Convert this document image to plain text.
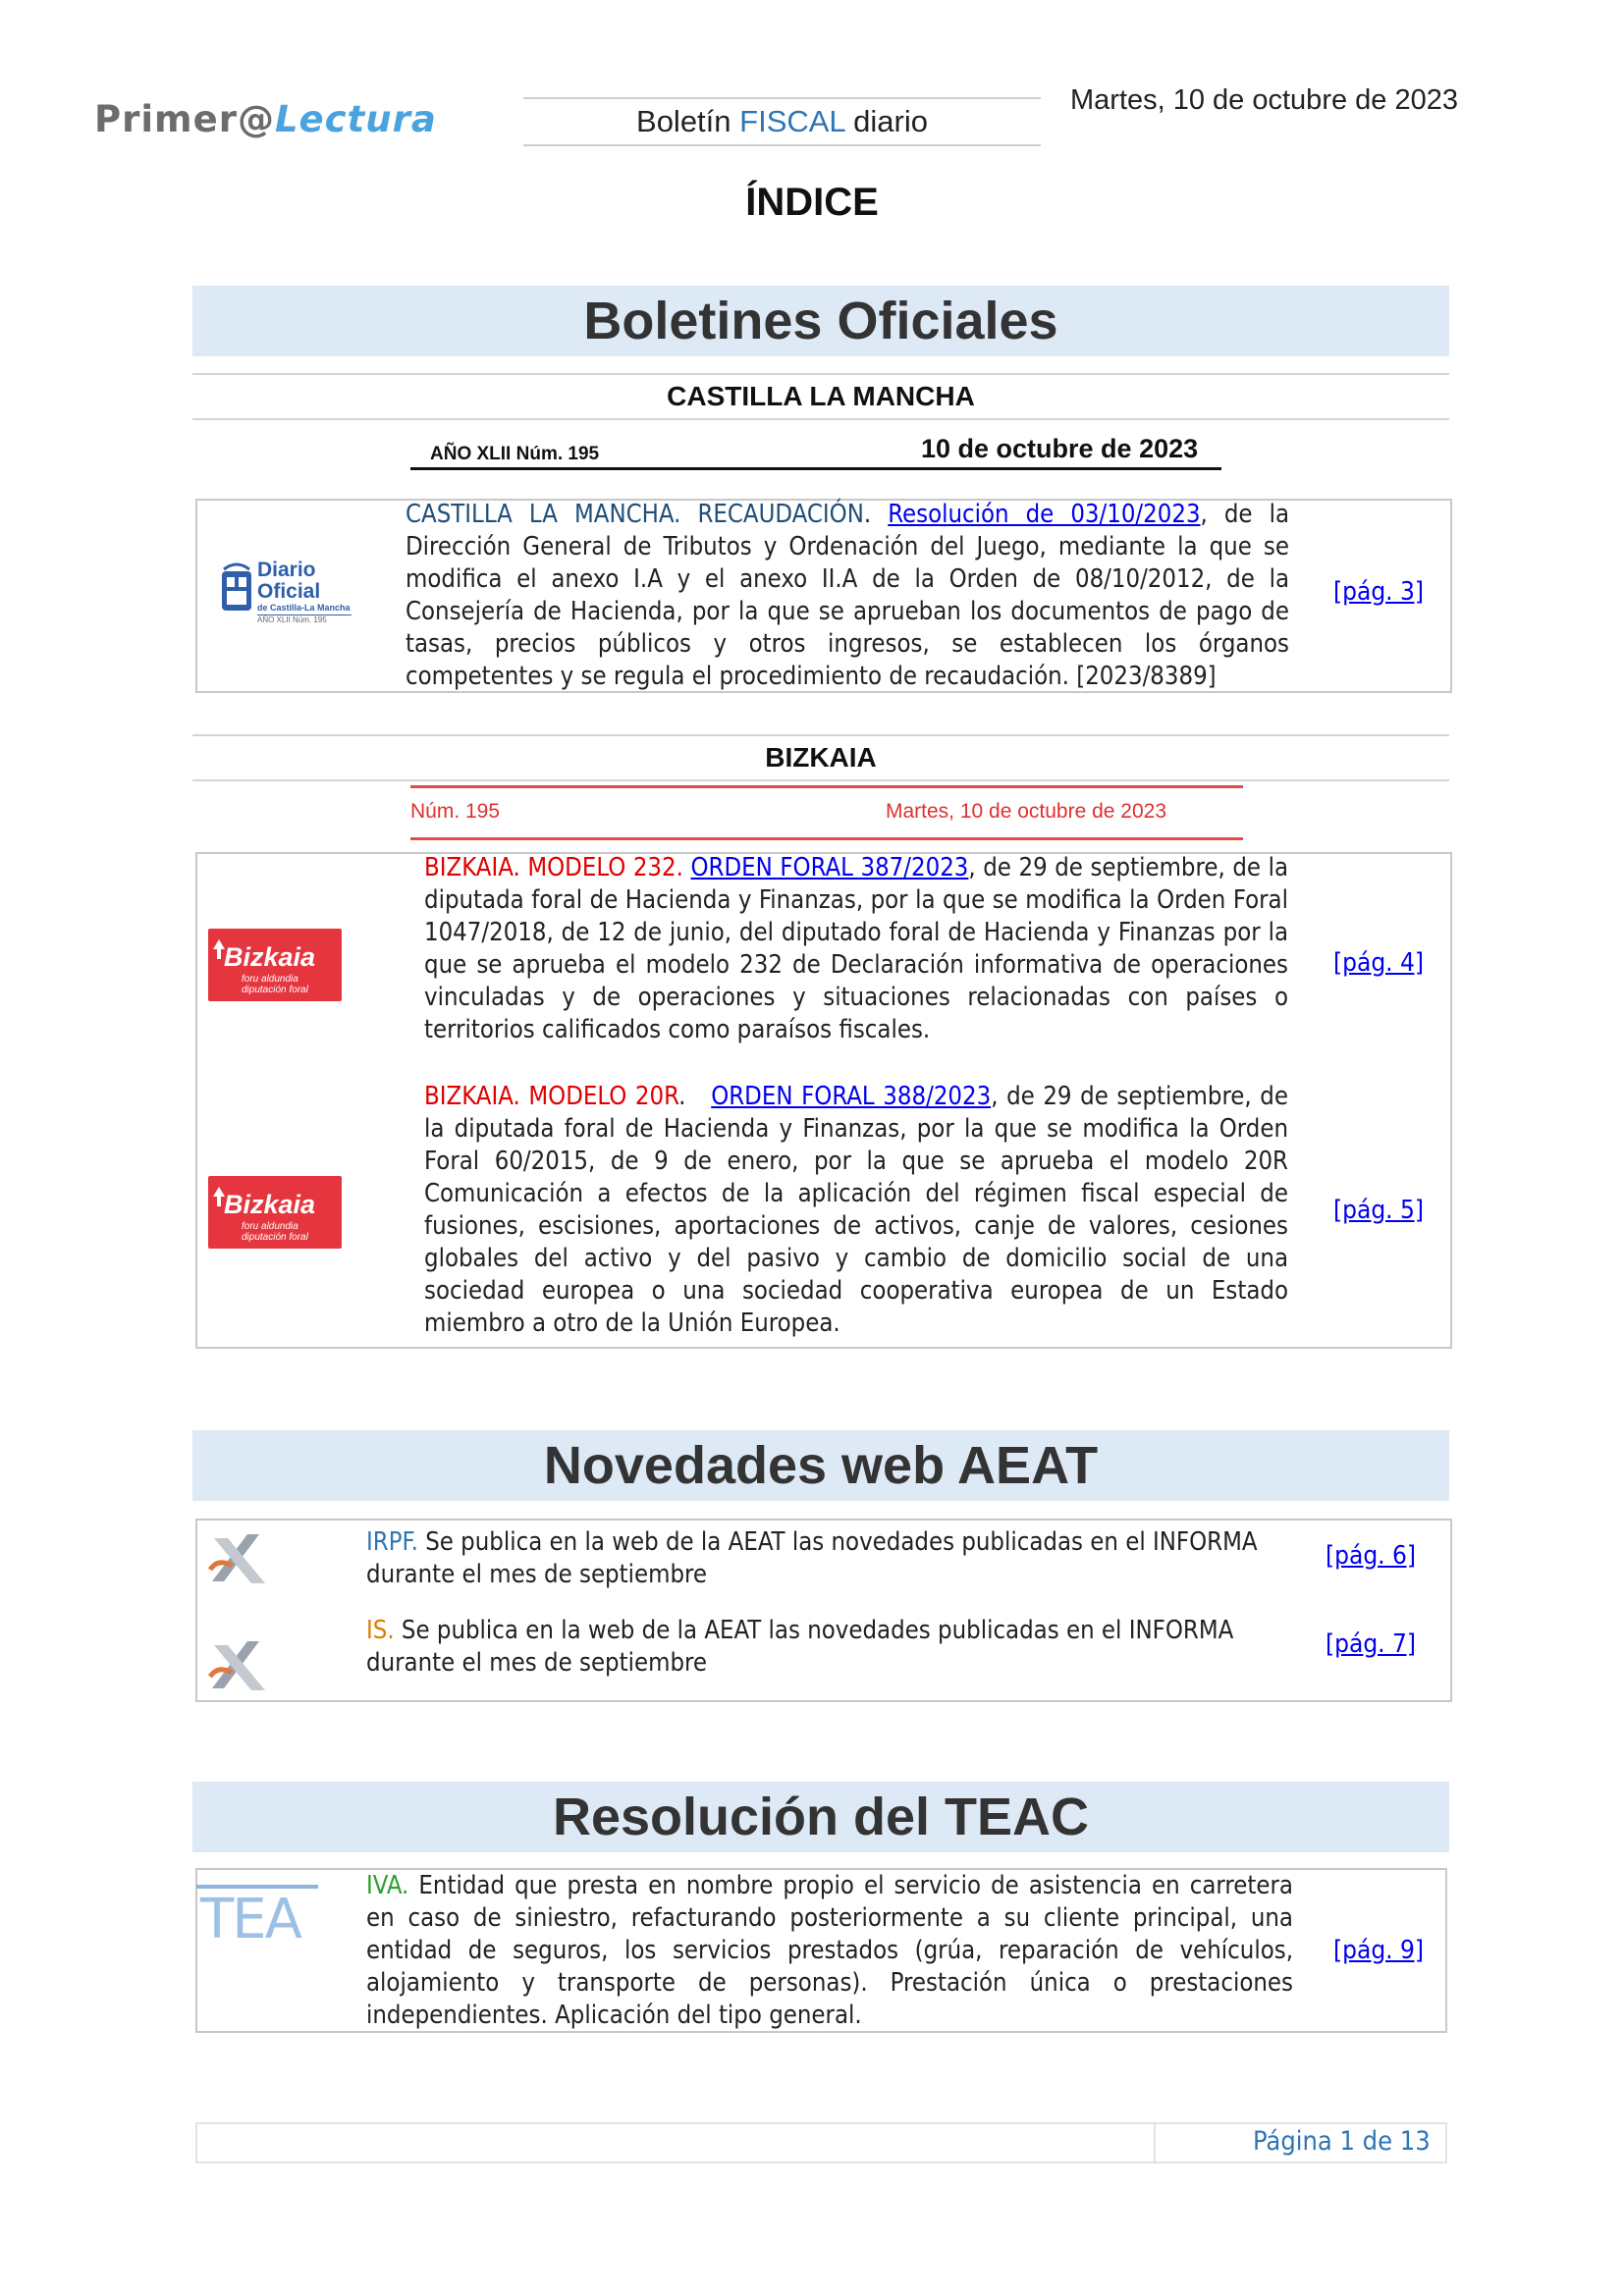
Primer@Lectura	Boletín FISCAL diario
Martes, 10 de octubre de 2023
ÍNDICE
Boletines Oficiales
CASTILLA LA MANCHA
AÑO XLII Núm. 195	10 de octubre de 2023
Diario Oficial
de Castilla-La Mancha
AÑO XLII Núm. 195
CASTILLA LA MANCHA. RECAUDACIÓN. Resolución de 03/10/2023, de la Dirección General de Tributos y Ordenación del Juego, mediante la que se modifica el anexo I.A y el anexo II.A de la Orden de 08/10/2012, de la Consejería de Hacienda, por la que se aprueban los documentos de pago de tasas, precios públicos y otros ingresos, se establecen los órganos competentes y se regula el procedimiento de recaudación. [2023/8389]
[pág. 3]
BIZKAIA
Núm. 195	Martes, 10 de octubre de 2023
Bizkaia
foru aldundia
diputación foral
BIZKAIA. MODELO 232. ORDEN FORAL 387/2023, de 29 de septiembre, de la diputada foral de Hacienda y Finanzas, por la que se modifica la Orden Foral 1047/2018, de 12 de junio, del diputado foral de Hacienda y Finanzas por la que se aprueba el modelo 232 de Declaración informativa de operaciones vinculadas y de operaciones y situaciones relacionadas con países o territorios calificados como paraísos fiscales.
[pág. 4]
Bizkaia
foru aldundia
diputación foral
BIZKAIA. MODELO 20R.   ORDEN FORAL 388/2023, de 29 de septiembre, de la diputada foral de Hacienda y Finanzas, por la que se modifica la Orden Foral 60/2015, de 9 de enero, por la que se aprueba el modelo 20R Comunicación a efectos de la aplicación del régimen fiscal especial de fusiones, escisiones, aportaciones de activos, canje de valores, cesiones globales del activo y del pasivo y cambio de domicilio social de una sociedad europea o una sociedad cooperativa europea de un Estado miembro a otro de la Unión Europea.
[pág. 5]
Novedades web AEAT
IRPF. Se publica en la web de la AEAT las novedades publicadas en el INFORMA durante el mes de septiembre
[pág. 6]
IS. Se publica en la web de la AEAT las novedades publicadas en el INFORMA durante el mes de septiembre
[pág. 7]
Resolución del TEAC
TEA
IVA. Entidad que presta en nombre propio el servicio de asistencia en carretera en caso de siniestro, refacturando posteriormente a su cliente principal, una entidad de seguros, los servicios prestados (grúa, reparación de vehículos, alojamiento y transporte de personas). Prestación única o prestaciones independientes. Aplicación del tipo general.
[pág. 9]
Página 1 de 13
